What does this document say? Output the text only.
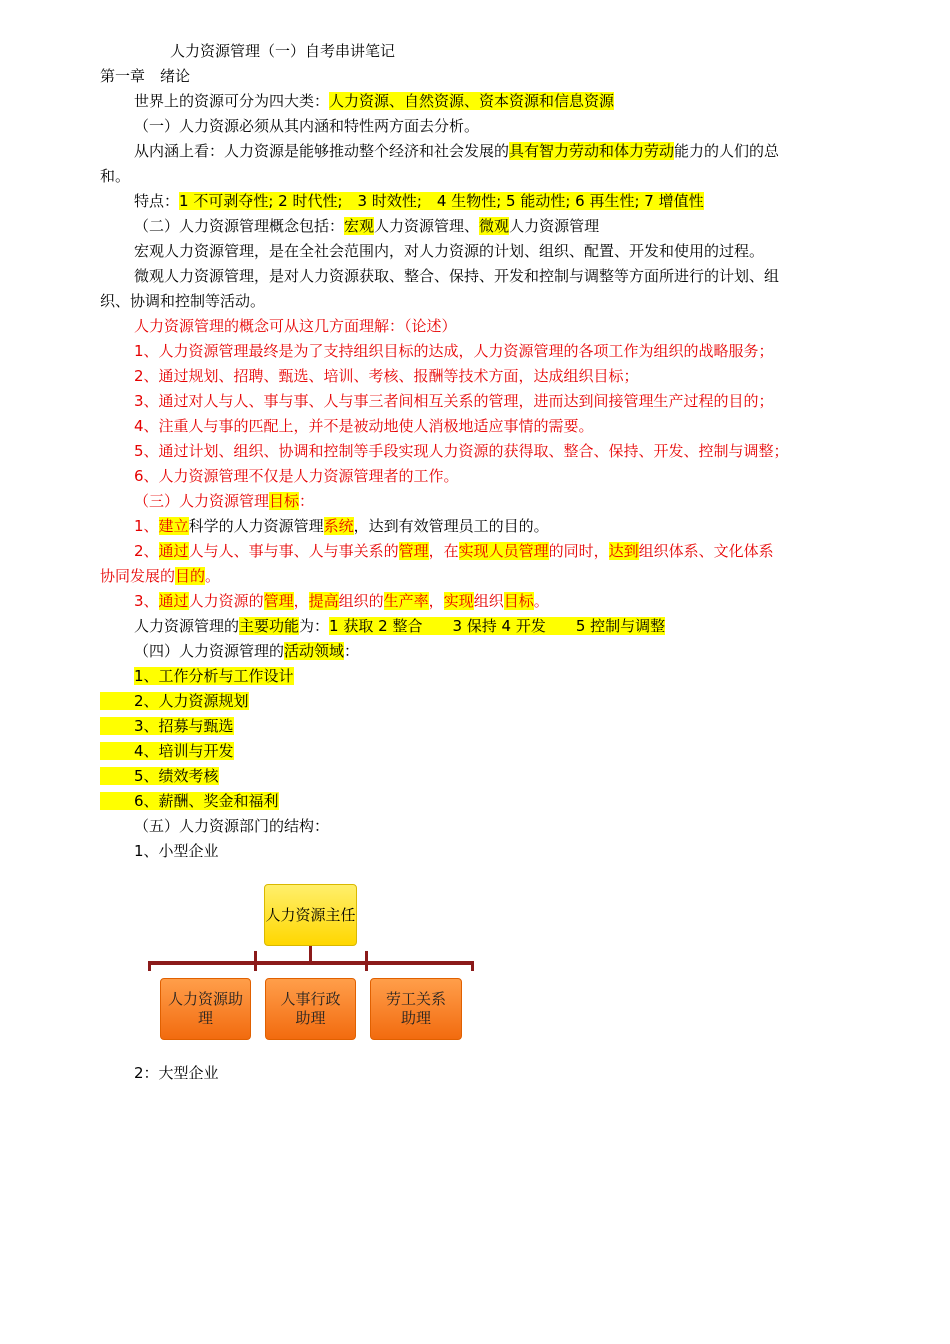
人力资源管理（一）自考串讲笔记
第一章　绪论
世界上的资源可分为四大类：人力资源、自然资源、资本资源和信息资源
（一）人力资源必须从其内涵和特性两方面去分析。
从内涵上看：人力资源是能够推动整个经济和社会发展的具有智力劳动和体力劳动能力的人们的总
和。
特点：1 不可剥夺性; 2 时代性;　3 时效性;　4 生物性; 5 能动性; 6 再生性; 7 增值性
（二）人力资源管理概念包括：宏观人力资源管理、微观人力资源管理
宏观人力资源管理，是在全社会范围内，对人力资源的计划、组织、配置、开发和使用的过程。
微观人力资源管理，是对人力资源获取、整合、保持、开发和控制与调整等方面所进行的计划、组
织、协调和控制等活动。
人力资源管理的概念可从这几方面理解：（论述）
1、人力资源管理最终是为了支持组织目标的达成，人力资源管理的各项工作为组织的战略服务；
2、通过规划、招聘、甄选、培训、考核、报酬等技术方面，达成组织目标；
3、通过对人与人、事与事、人与事三者间相互关系的管理，进而达到间接管理生产过程的目的；
4、注重人与事的匹配上，并不是被动地使人消极地适应事情的需要。
5、通过计划、组织、协调和控制等手段实现人力资源的获得取、整合、保持、开发、控制与调整；
6、人力资源管理不仅是人力资源管理者的工作。
（三）人力资源管理目标：
1、建立科学的人力资源管理系统，达到有效管理员工的目的。
2、通过人与人、事与事、人与事关系的管理，在实现人员管理的同时，达到组织体系、文化体系
协同发展的目的。
3、通过人力资源的管理，提高组织的生产率，实现组织目标。
人力资源管理的主要功能为：1 获取 2 整合　　3 保持 4 开发　　5 控制与调整
（四）人力资源管理的活动领域：
1、工作分析与工作设计
2、人力资源规划
3、招募与甄选
4、培训与开发
5、绩效考核
6、薪酬、奖金和福利
（五）人力资源部门的结构：
1、小型企业
人力资源主任
人力资源助理
人事行政
助理
劳工关系
助理
2：大型企业
